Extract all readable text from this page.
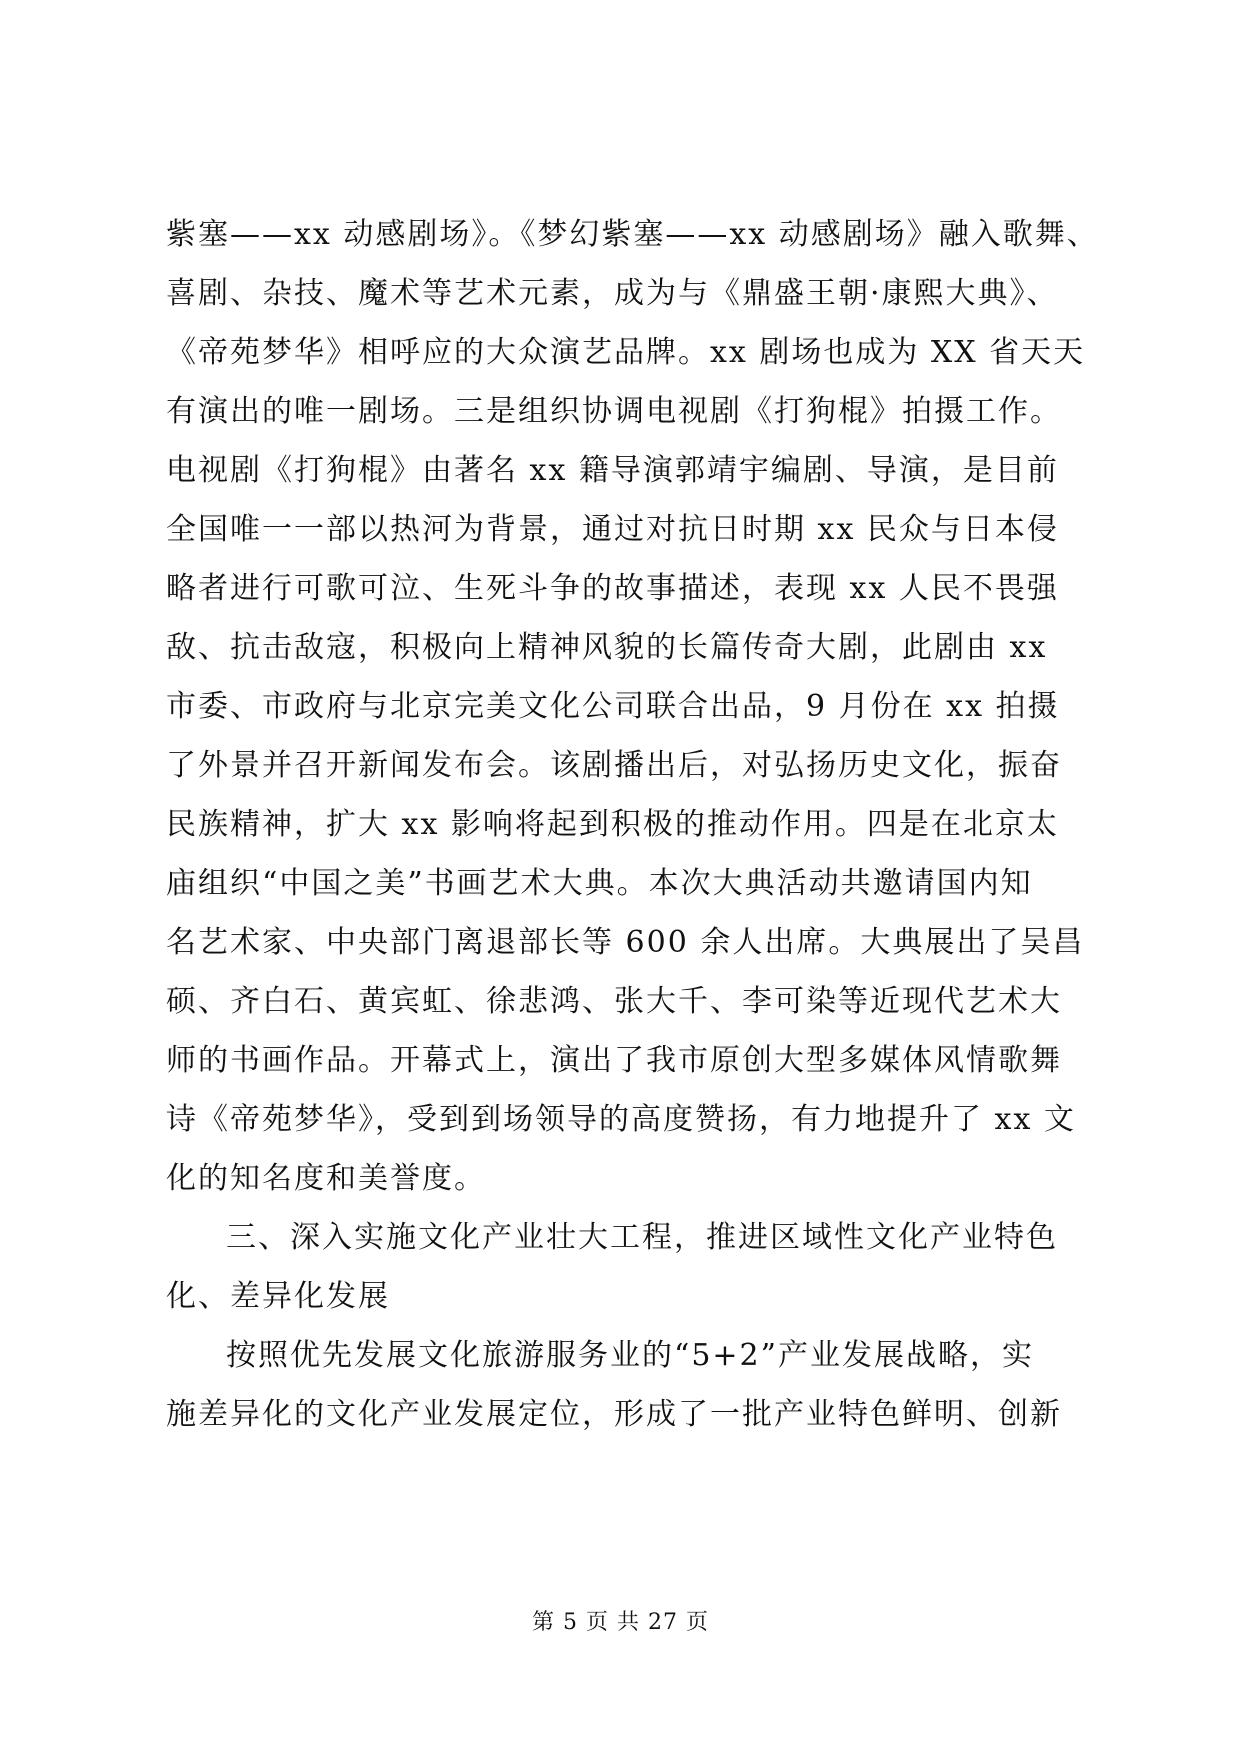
紫塞——xx 动感剧场》。《梦幻紫塞——xx 动感剧场》融入歌舞、
喜剧、杂技、魔术等艺术元素，成为与《鼎盛王朝·康熙大典》、
《帝苑梦华》相呼应的大众演艺品牌。xx 剧场也成为 XX 省天天
有演出的唯一剧场。三是组织协调电视剧《打狗棍》拍摄工作。
电视剧《打狗棍》由著名 xx 籍导演郭靖宇编剧、导演，是目前
全国唯一一部以热河为背景，通过对抗日时期 xx 民众与日本侵
略者进行可歌可泣、生死斗争的故事描述，表现 xx 人民不畏强
敌、抗击敌寇，积极向上精神风貌的长篇传奇大剧，此剧由 xx
市委、市政府与北京完美文化公司联合出品，9 月份在 xx 拍摄
了外景并召开新闻发布会。该剧播出后，对弘扬历史文化，振奋
民族精神，扩大 xx 影响将起到积极的推动作用。四是在北京太
庙组织“中国之美”书画艺术大典。本次大典活动共邀请国内知
名艺术家、中央部门离退部长等 600 余人出席。大典展出了吴昌
硕、齐白石、黄宾虹、徐悲鸿、张大千、李可染等近现代艺术大
师的书画作品。开幕式上，演出了我市原创大型多媒体风情歌舞
诗《帝苑梦华》，受到到场领导的高度赞扬，有力地提升了 xx 文
化的知名度和美誉度。
三、深入实施文化产业壮大工程，推进区域性文化产业特色
化、差异化发展
按照优先发展文化旅游服务业的“5+2”产业发展战略，实
施差异化的文化产业发展定位，形成了一批产业特色鲜明、创新
第 5 页 共 27 页
